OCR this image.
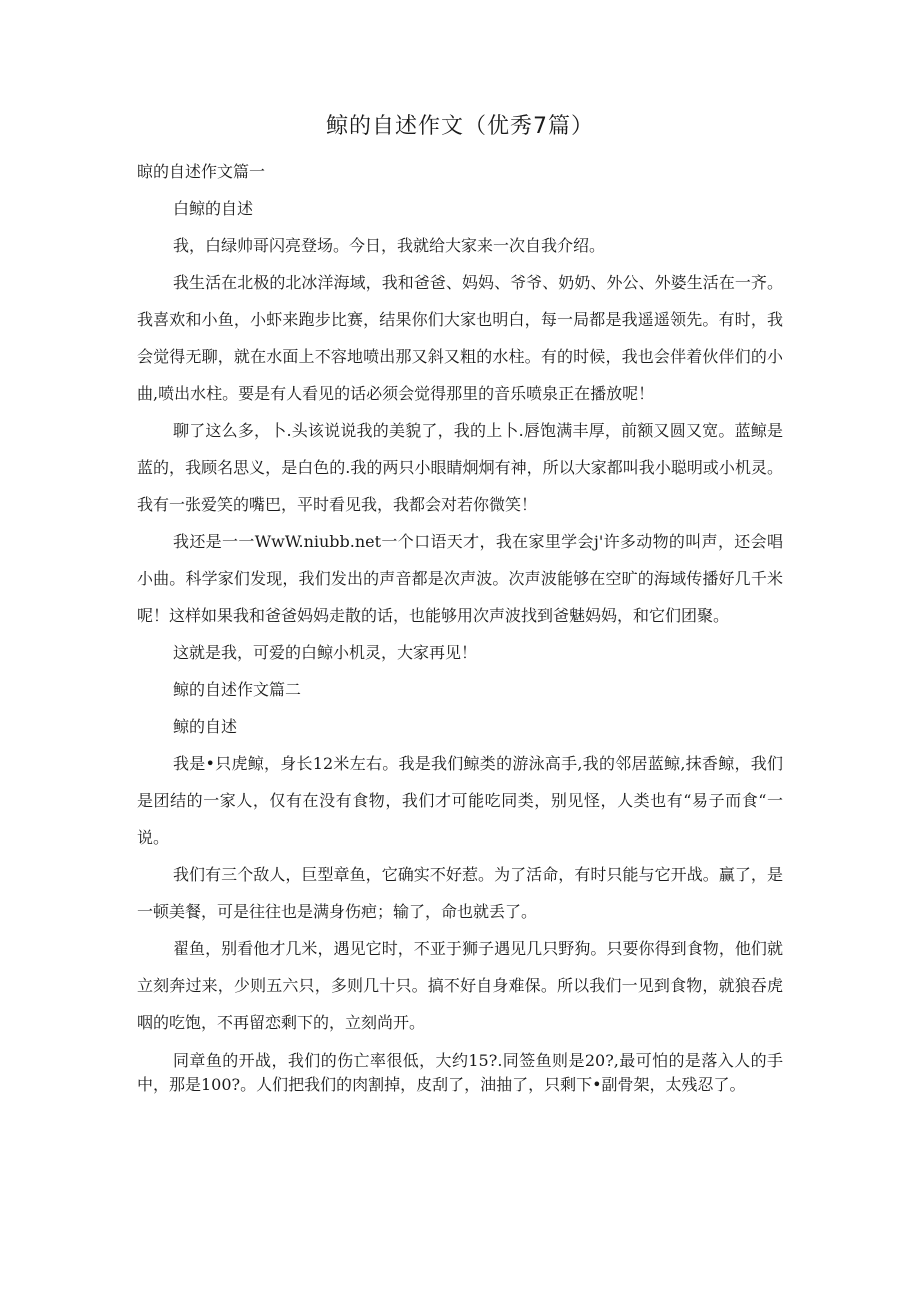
鲸的自述作文（优秀7篇）

晾的自述作文篇一

白鲸的自述

我，白绿帅哥闪亮登场。今日，我就给大家来一次自我介绍。

我生活在北极的北冰洋海域，我和爸爸、妈妈、爷爷、奶奶、外公、外婆生活在一齐。我喜欢和小鱼，小虾来跑步比赛，结果你们大家也明白，每一局都是我遥遥领先。有时，我会觉得无聊，就在水面上不容地喷出那又斜又粗的水柱。有的时候，我也会伴着伙伴们的小曲,喷出水柱。要是有人看见的话必须会觉得那里的音乐喷泉正在播放呢！

聊了这么多，卜.头该说说我的美貌了，我的上卜.唇饱满丰厚，前额又圆又宽。蓝鲸是蓝的，我顾名思义，是白色的.我的两只小眼睛炯炯有神，所以大家都叫我小聪明或小机灵。我有一张爱笑的嘴巴，平时看见我，我都会对若你微笑！

我还是一一WwW.niubb.net一个口语天才，我在家里学会j'许多动物的叫声，还会唱小曲。科学家们发现，我们发出的声音都是次声波。次声波能够在空旷的海域传播好几千米呢！这样如果我和爸爸妈妈走散的话，也能够用次声波找到爸魅妈妈，和它们团聚。

这就是我，可爱的白鲸小机灵，大家再见！

鲸的自述作文篇二

鲸的自述

我是•只虎鲸，身长12米左右。我是我们鲸类的游泳高手,我的邻居蓝鲸,抹香鲸，我们是团结的一家人，仅有在没有食物，我们才可能吃同类，别见怪，人类也有“易子而食“一说。

我们有三个敌人，巨型章鱼，它确实不好惹。为了活命，有时只能与它开战。赢了，是一顿美餐，可是往往也是满身伤疤；输了，命也就丢了。

翟鱼，别看他才几米，遇见它时，不亚于狮子遇见几只野狗。只要你得到食物，他们就立刻奔过来，少则五六只，多则几十只。搞不好自身难保。所以我们一见到食物，就狼吞虎咽的吃饱，不再留恋剩下的，立刻尚开。

同章鱼的开战，我们的伤亡率很低，大约15?.同签鱼则是20?,最可怕的是落入人的手中，那是100?。人们把我们的肉割掉，皮刮了，油抽了，只剩下•副骨架，太残忍了。
